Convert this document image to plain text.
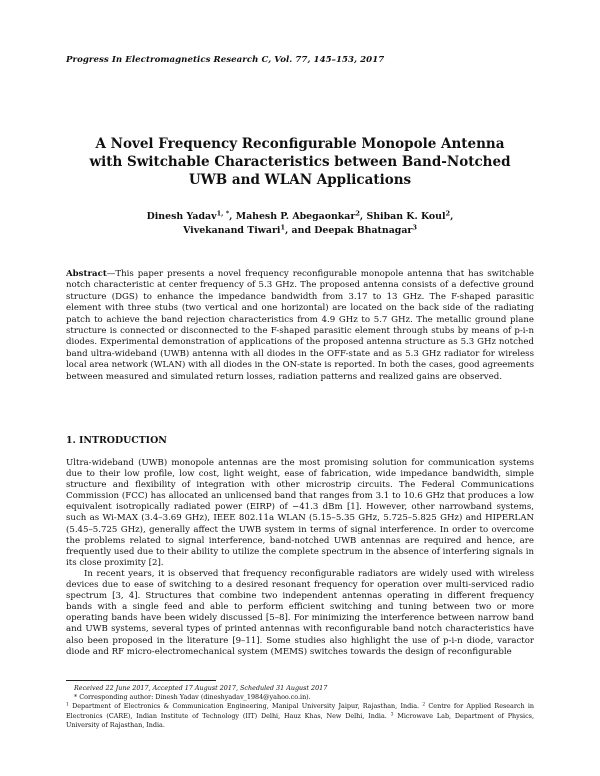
Progress In Electromagnetics Research C, Vol. 77, 145–153, 2017
A Novel Frequency Reconfigurable Monopole Antenna
with Switchable Characteristics between Band-Notched
UWB and WLAN Applications
Dinesh Yadav$^{1, *}$, Mahesh P. Abegaonkar$^2$, Shiban K. Koul$^2$,
Vivekanand Tiwari$^1$, and Deepak Bhatnagar$^3$
Abstract—This paper presents a novel frequency reconfigurable monopole antenna that has switchable notch characteristic at center frequency of 5.3 GHz. The proposed antenna consists of a defective ground structure (DGS) to enhance the impedance bandwidth from 3.17 to 13 GHz. The F-shaped parasitic element with three stubs (two vertical and one horizontal) are located on the back side of the radiating patch to achieve the band rejection characteristics from 4.9 GHz to 5.7 GHz. The metallic ground plane structure is connected or disconnected to the F-shaped parasitic element through stubs by means of p-i-n diodes. Experimental demonstration of applications of the proposed antenna structure as 5.3 GHz notched band ultra-wideband (UWB) antenna with all diodes in the OFF-state and as 5.3 GHz radiator for wireless local area network (WLAN) with all diodes in the ON-state is reported. In both the cases, good agreements between measured and simulated return losses, radiation patterns and realized gains are observed.
1. INTRODUCTION

Ultra-wideband (UWB) monopole antennas are the most promising solution for communication systems due to their low profile, low cost, light weight, ease of fabrication, wide impedance bandwidth, simple structure and flexibility of integration with other microstrip circuits. The Federal Communications Commission (FCC) has allocated an unlicensed band that ranges from 3.1 to 10.6 GHz that produces a low equivalent isotropically radiated power (EIRP) of −41.3 dBm [1]. However, other narrowband systems, such as Wi-MAX (3.4–3.69 GHz), IEEE 802.11a WLAN (5.15–5.35 GHz, 5.725–5.825 GHz) and HIPERLAN (5.45–5.725 GHz), generally affect the UWB system in terms of signal interference. In order to overcome the problems related to signal interference, band-notched UWB antennas are required and hence, are frequently used due to their ability to utilize the complete spectrum in the absence of interfering signals in its close proximity [2].

In recent years, it is observed that frequency reconfigurable radiators are widely used with wireless devices due to ease of switching to a desired resonant frequency for operation over multi-serviced radio spectrum [3, 4]. Structures that combine two independent antennas operating in different frequency bands with a single feed and able to perform efficient switching and tuning between two or more operating bands have been widely discussed [5–8]. For minimizing the interference between narrow band and UWB systems, several types of printed antennas with reconfigurable band notch characteristics have also been proposed in the literature [9–11]. Some studies also highlight the use of p-i-n diode, varactor diode and RF micro-electromechanical system (MEMS) switches towards the design of reconfigurable

Received 22 June 2017, Accepted 17 August 2017, Scheduled 31 August 2017
* Corresponding author: Dinesh Yadav (dineshyadav_1984@yahoo.co.in).
$^1$ Department of Electronics & Communication Engineering, Manipal University Jaipur, Rajasthan, India. $^2$ Centre for Applied Research in Electronics (CARE), Indian Institute of Technology (IIT) Delhi, Hauz Khas, New Delhi, India. $^3$ Microwave Lab, Department of Physics, University of Rajasthan, India.
